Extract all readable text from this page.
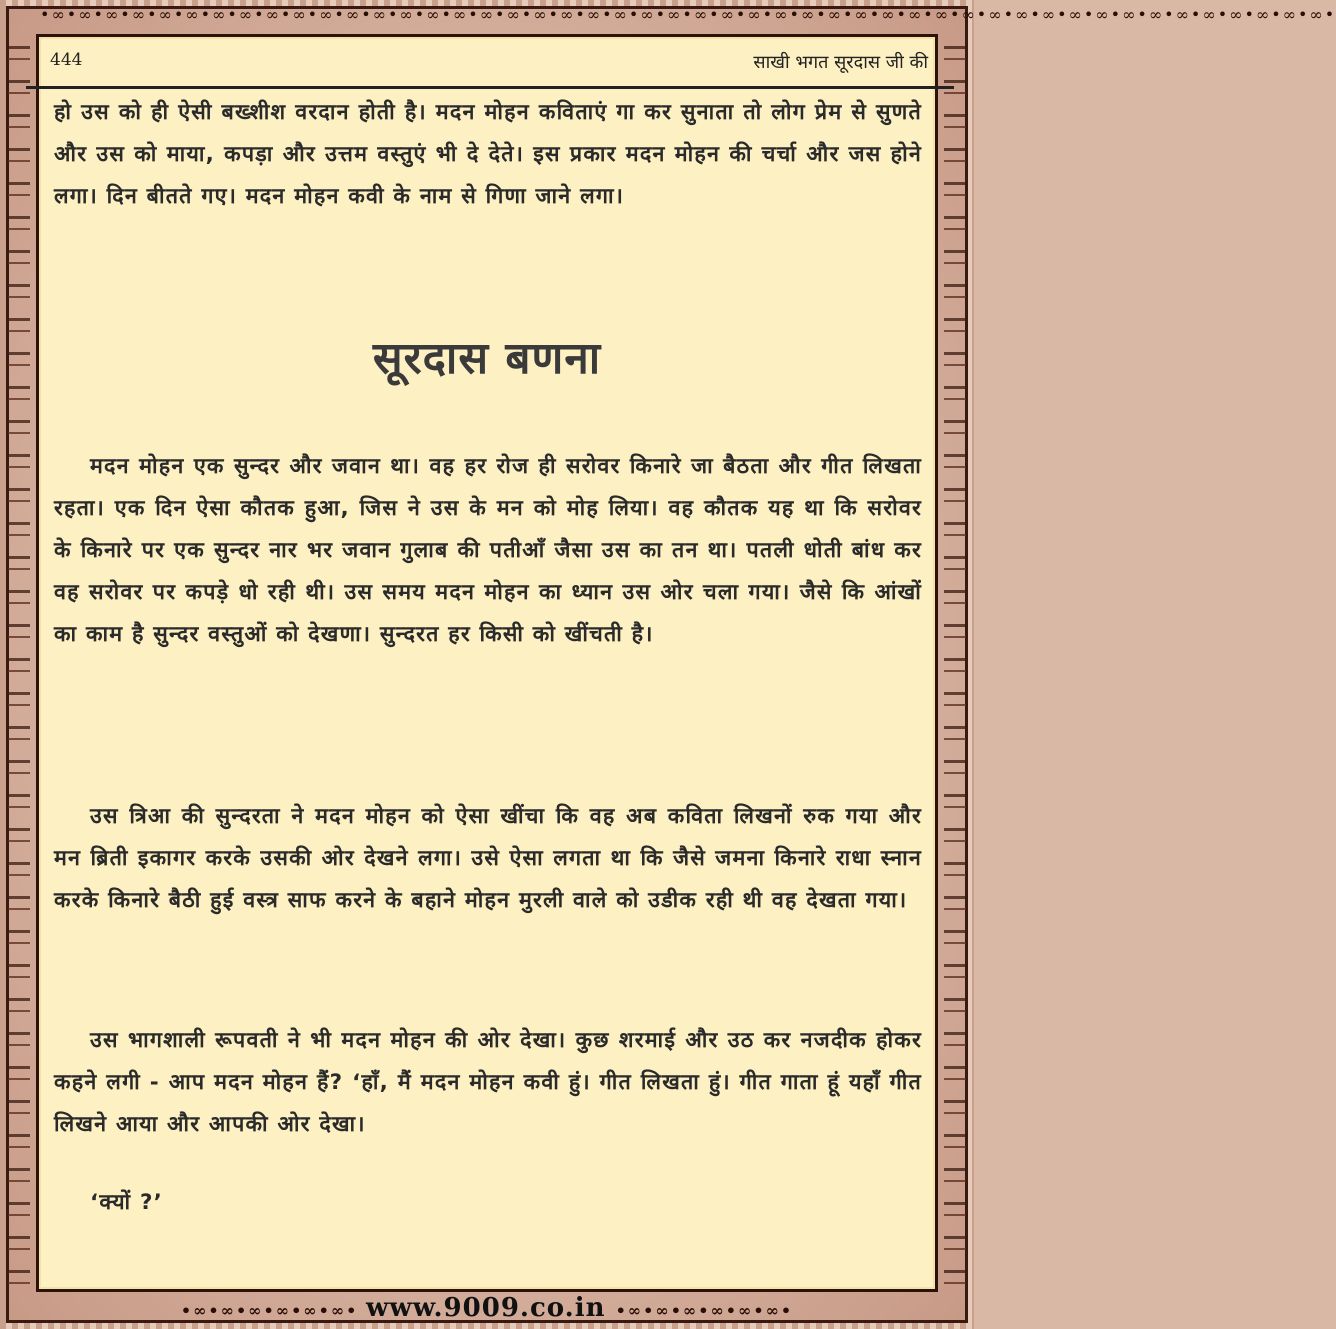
•∞•∞•∞•∞•∞•∞•∞•∞•∞•∞•∞•∞•∞•∞•∞•∞•∞•∞•∞•∞•∞•∞•∞•∞•∞•∞•∞•∞•∞•∞•∞•∞•∞•∞•∞•∞•∞•∞•∞•∞•∞•∞•∞•∞•∞•∞•∞•∞•
444	साखी भगत सूरदास जी की

हो उस को ही ऐसी बख्शीश वरदान होती है। मदन मोहन कविताएं गा कर सुनाता तो लोग प्रेम से सुणते और उस को माया, कपड़ा और उत्तम वस्तुएं भी दे देते। इस प्रकार मदन मोहन की चर्चा और जस होने लगा। दिन बीतते गए। मदन मोहन कवी के नाम से गिणा जाने लगा।

सूरदास बणना

मदन मोहन एक सुन्दर और जवान था। वह हर रोज ही सरोवर किनारे जा बैठता और गीत लिखता रहता। एक दिन ऐसा कौतक हुआ, जिस ने उस के मन को मोह लिया। वह कौतक यह था कि सरोवर के किनारे पर एक सुन्दर नार भर जवान गुलाब की पतीआँ जैसा उस का तन था। पतली धोती बांध कर वह सरोवर पर कपड़े धो रही थी। उस समय मदन मोहन का ध्यान उस ओर चला गया। जैसे कि आंखों का काम है सुन्दर वस्तुओं को देखणा। सुन्दरत हर किसी को खींचती है।

उस त्रिआ की सुन्दरता ने मदन मोहन को ऐसा खींचा कि वह अब कविता लिखनों रुक गया और मन ब्रिती इकागर करके उसकी ओर देखने लगा। उसे ऐसा लगता था कि जैसे जमना किनारे राधा स्नान करके किनारे बैठी हुई वस्त्र साफ करने के बहाने मोहन मुरली वाले को उडीक रही थी वह देखता गया।

उस भागशाली रूपवती ने भी मदन मोहन की ओर देखा। कुछ शरमाई और उठ कर नजदीक होकर कहने लगी - आप मदन मोहन हैं? ‘हाँ, मैं मदन मोहन कवी हुं। गीत लिखता हुं। गीत गाता हूं यहाँ गीत लिखने आया और आपकी ओर देखा।

‘क्यों ?’

•∞•∞•∞•∞•∞•∞• www.9009.co.in •∞•∞•∞•∞•∞•∞•
